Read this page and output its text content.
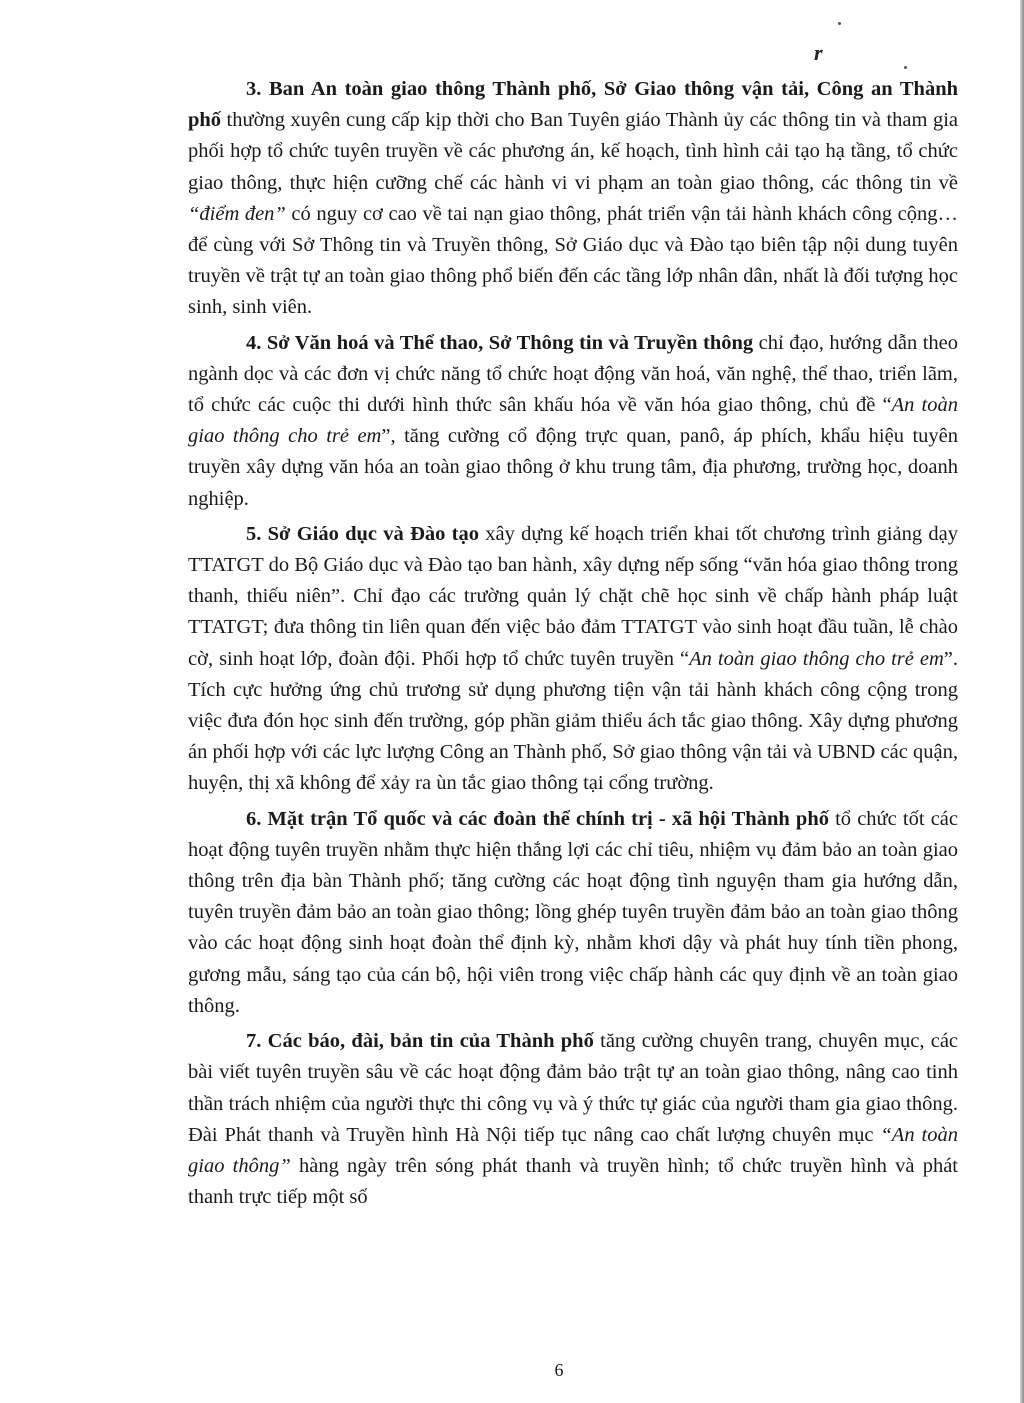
r

3. Ban An toàn giao thông Thành phố, Sở Giao thông vận tải, Công an Thành phố thường xuyên cung cấp kịp thời cho Ban Tuyên giáo Thành ủy các thông tin và tham gia phối hợp tổ chức tuyên truyền về các phương án, kế hoạch, tình hình cải tạo hạ tầng, tổ chức giao thông, thực hiện cưỡng chế các hành vi vi phạm an toàn giao thông, các thông tin về “điểm đen” có nguy cơ cao về tai nạn giao thông, phát triển vận tải hành khách công cộng… để cùng với Sở Thông tin và Truyền thông, Sở Giáo dục và Đào tạo biên tập nội dung tuyên truyền về trật tự an toàn giao thông phổ biến đến các tầng lớp nhân dân, nhất là đối tượng học sinh, sinh viên.

4. Sở Văn hoá và Thể thao, Sở Thông tin và Truyền thông chỉ đạo, hướng dẫn theo ngành dọc và các đơn vị chức năng tổ chức hoạt động văn hoá, văn nghệ, thể thao, triển lãm, tổ chức các cuộc thi dưới hình thức sân khấu hóa về văn hóa giao thông, chủ đề “An toàn giao thông cho trẻ em”, tăng cường cổ động trực quan, panô, áp phích, khẩu hiệu tuyên truyền xây dựng văn hóa an toàn giao thông ở khu trung tâm, địa phương, trường học, doanh nghiệp.

5. Sở Giáo dục và Đào tạo xây dựng kế hoạch triển khai tốt chương trình giảng dạy TTATGT do Bộ Giáo dục và Đào tạo ban hành, xây dựng nếp sống “văn hóa giao thông trong thanh, thiếu niên”. Chỉ đạo các trường quản lý chặt chẽ học sinh về chấp hành pháp luật TTATGT; đưa thông tin liên quan đến việc bảo đảm TTATGT vào sinh hoạt đầu tuần, lễ chào cờ, sinh hoạt lớp, đoàn đội. Phối hợp tổ chức tuyên truyền “An toàn giao thông cho trẻ em”. Tích cực hưởng ứng chủ trương sử dụng phương tiện vận tải hành khách công cộng trong việc đưa đón học sinh đến trường, góp phần giảm thiểu ách tắc giao thông. Xây dựng phương án phối hợp với các lực lượng Công an Thành phố, Sở giao thông vận tải và UBND các quận, huyện, thị xã không để xảy ra ùn tắc giao thông tại cổng trường.

6. Mặt trận Tổ quốc và các đoàn thể chính trị - xã hội Thành phố tổ chức tốt các hoạt động tuyên truyền nhằm thực hiện thắng lợi các chỉ tiêu, nhiệm vụ đảm bảo an toàn giao thông trên địa bàn Thành phố; tăng cường các hoạt động tình nguyện tham gia hướng dẫn, tuyên truyền đảm bảo an toàn giao thông; lồng ghép tuyên truyền đảm bảo an toàn giao thông vào các hoạt động sinh hoạt đoàn thể định kỳ, nhằm khơi dậy và phát huy tính tiền phong, gương mẫu, sáng tạo của cán bộ, hội viên trong việc chấp hành các quy định về an toàn giao thông.

7. Các báo, đài, bản tin của Thành phố tăng cường chuyên trang, chuyên mục, các bài viết tuyên truyền sâu về các hoạt động đảm bảo trật tự an toàn giao thông, nâng cao tinh thần trách nhiệm của người thực thi công vụ và ý thức tự giác của người tham gia giao thông. Đài Phát thanh và Truyền hình Hà Nội tiếp tục nâng cao chất lượng chuyên mục “An toàn giao thông” hàng ngày trên sóng phát thanh và truyền hình; tổ chức truyền hình và phát thanh trực tiếp một số

6
